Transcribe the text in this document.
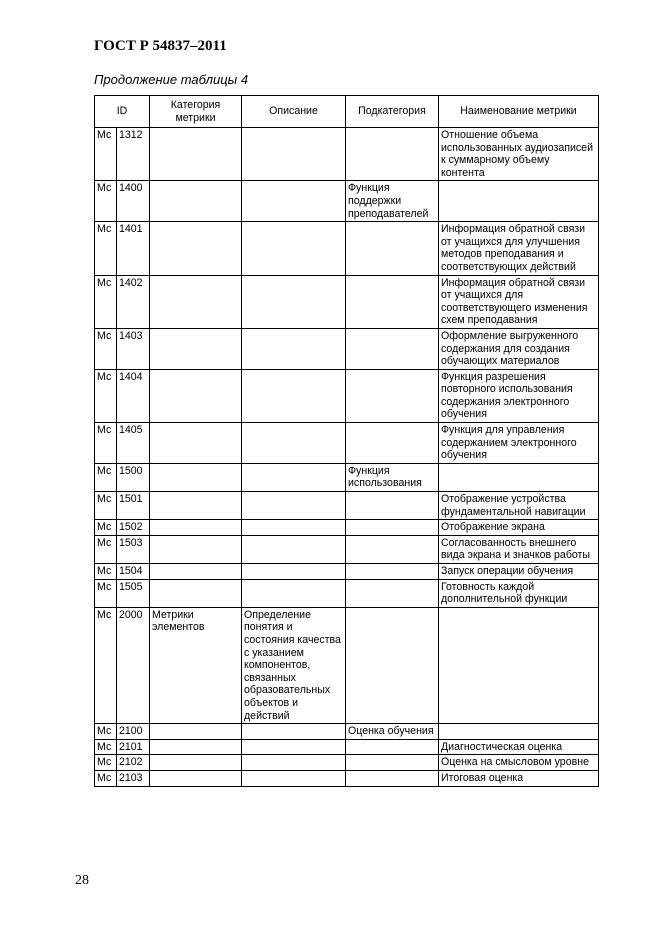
ГОСТ Р 54837–2011
Продолжение таблицы 4
ID		Категория метрики	Описание	Подкатегория	Наименование метрики
Мс	1312				Отношение объема использованных аудиозаписей к суммарному объему контента
Мс	1400			Функция поддержки преподавателей	
Мс	1401				Информация обратной связи от учащихся для улучшения методов преподавания и соответствующих действий
Мс	1402				Информация обратной связи от учащихся для соответствующего изменения схем преподавания
Мс	1403				Оформление выгруженного содержания для создания обучающих материалов
Мс	1404				Функция разрешения повторного использования содержания электронного обучения
Мс	1405				Функция для управления содержанием электронного обучения
Мс	1500			Функция использования	
Мс	1501				Отображение устройства фундаментальной навигации
Мс	1502				Отображение экрана
Мс	1503				Согласованность внешнего вида экрана и значков работы
Мс	1504				Запуск операции обучения
Мс	1505				Готовность каждой дополнительной функции
Мс	2000	Метрики элементов	Определение понятия и состояния качества с указанием компонентов, связанных образовательных объектов и действий		
Мс	2100			Оценка обучения	
Мс	2101				Диагностическая оценка
Мс	2102				Оценка на смысловом уровне
Мс	2103				Итоговая оценка
28
